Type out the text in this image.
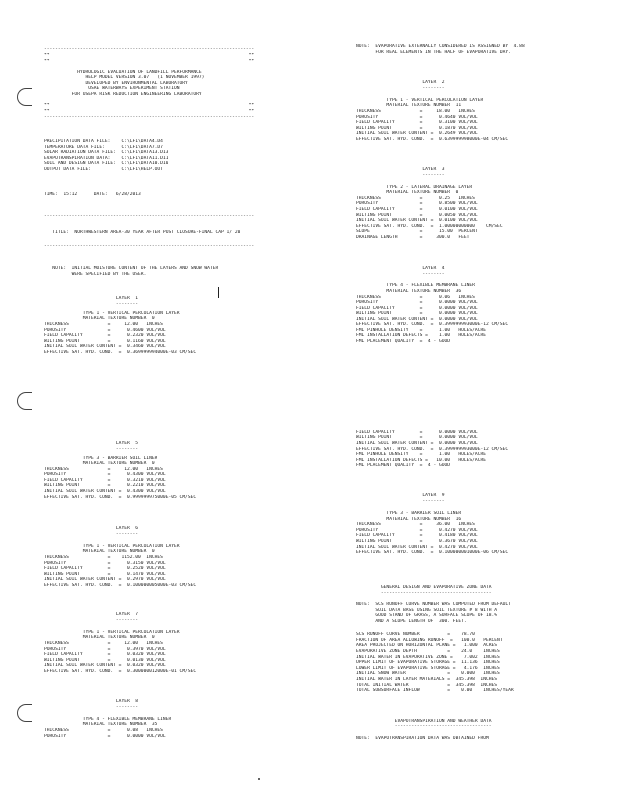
----------------------------------------------------------------------------
**                                                                        **
**                                                                        **
HYDROLOGIC EVALUATION OF LANDFILL PERFORMANCE
HELP MODEL VERSION 3.07   (1 NOVEMBER 1997)
DEVELOPED BY ENVIRONMENTAL LABORATORY
USAE WATERWAYS EXPERIMENT STATION
FOR USEPA RISK REDUCTION ENGINEERING LABORATORY
**                                                                        **
**                                                                        **
----------------------------------------------------------------------------
PRECIPITATION DATA FILE:    C:\LF1\DATA4.D4
TEMPERATURE DATA FILE:      C:\LF1\DATA7.D7
SOLAR RADIATION DATA FILE:  C:\LF1\DATA13.D13
EVAPOTRANSPIRATION DATA:    C:\LF1\DATA11.D11
SOIL AND DESIGN DATA FILE:  C:\LF1\DATA10.D10
OUTPUT DATA FILE:           C:\LF1\HELP.OUT
TIME:  15:12      DATE:   6/28/2013
----------------------------------------------------------------------------
TITLE:  NORTHWESTERN AREA-30 YEAR AFTER POST CLOSURE-FINAL CAP 1/ 20
----------------------------------------------------------------------------
NOTE:  INITIAL MOISTURE CONTENT OF THE LAYERS AND SNOW WATER
WERE SPECIFIED BY THE USER.
LAYER  1
--------
TYPE 1 - VERTICAL PERCOLATION LAYER
MATERIAL TEXTURE NUMBER  0
THICKNESS              =     12.00   INCHES
POROSITY               =      0.4600 VOL/VOL
FIELD CAPACITY         =      0.2320 VOL/VOL
WILTING POINT          =      0.1160 VOL/VOL
INITIAL SOIL WATER CONTENT =  0.3460 VOL/VOL
EFFECTIVE SAT. HYD. COND.  =  0.369999994000E-03 CM/SEC
LAYER  5
--------
TYPE 3 - BARRIER SOIL LINER
MATERIAL TEXTURE NUMBER  0
THICKNESS              =     12.00   INCHES
POROSITY               =      0.4300 VOL/VOL
FIELD CAPACITY         =      0.3210 VOL/VOL
WILTING POINT          =      0.2210 VOL/VOL
INITIAL SOIL WATER CONTENT =  0.4300 VOL/VOL
EFFECTIVE SAT. HYD. COND.  =  0.999999975000E-05 CM/SEC
LAYER  6
--------
TYPE 1 - VERTICAL PERCOLATION LAYER
MATERIAL TEXTURE NUMBER  0
THICKNESS              =    1152.00  INCHES
POROSITY               =      0.3150 VOL/VOL
FIELD CAPACITY         =      0.2520 VOL/VOL
WILTING POINT          =      0.1470 VOL/VOL
INITIAL SOIL WATER CONTENT =  0.2970 VOL/VOL
EFFECTIVE SAT. HYD. COND.  =  0.100000005000E-03 CM/SEC
LAYER  7
--------
TYPE 1 - VERTICAL PERCOLATION LAYER
MATERIAL TEXTURE NUMBER  0
THICKNESS              =     12.00   INCHES
POROSITY               =      0.3970 VOL/VOL
FIELD CAPACITY         =      0.0320 VOL/VOL
WILTING POINT          =      0.0130 VOL/VOL
INITIAL SOIL WATER CONTENT =  0.0320 VOL/VOL
EFFECTIVE SAT. HYD. COND.  =  0.300000012000E-01 CM/SEC
LAYER  8
--------
TYPE 4 - FLEXIBLE MEMBRANE LINER
MATERIAL TEXTURE NUMBER  35
THICKNESS              =      0.08   INCHES
POROSITY               =      0.0000 VOL/VOL
NOTE:  EVAPORATIVE EXTERNALLY CONSIDERED IS ASSIGNED BY  4.88
FOR REAL ELEMENTS IN THE HALF OF EVAPORATIVE DAY.
LAYER  2
--------
TYPE 1 - VERTICAL PERCOLATION LAYER
MATERIAL TEXTURE NUMBER  11
THICKNESS              =     18.00   INCHES
POROSITY               =      0.4640 VOL/VOL
FIELD CAPACITY         =      0.3100 VOL/VOL
WILTING POINT          =      0.1870 VOL/VOL
INITIAL SOIL WATER CONTENT =  0.2649 VOL/VOL
EFFECTIVE SAT. HYD. COND.  =  0.639999998000E-04 CM/SEC
LAYER  3
--------
TYPE 2 - LATERAL DRAINAGE LAYER
MATERIAL TEXTURE NUMBER  0
THICKNESS              =      0.25   INCHES
POROSITY               =      0.8500 VOL/VOL
FIELD CAPACITY         =      0.0100 VOL/VOL
WILTING POINT          =      0.0050 VOL/VOL
INITIAL SOIL WATER CONTENT =  0.0100 VOL/VOL
EFFECTIVE SAT. HYD. COND.  =  1.00000000000    CM/SEC
SLOPE                  =      15.00  PERCENT
DRAINAGE LENGTH        =     300.0   FEET
LAYER  4
--------
TYPE 4 - FLEXIBLE MEMBRANE LINER
MATERIAL TEXTURE NUMBER  36
THICKNESS              =      0.06   INCHES
POROSITY               =      0.0000 VOL/VOL
FIELD CAPACITY         =      0.0000 VOL/VOL
WILTING POINT          =      0.0000 VOL/VOL
INITIAL SOIL WATER CONTENT =  0.0000 VOL/VOL
EFFECTIVE SAT. HYD. COND.  =  0.399999993000E-12 CM/SEC
FML PINHOLE DENSITY    =      1.00   HOLES/ACRE
FML INSTALLATION DEFECTS =    1.00   HOLES/ACRE
FML PLACEMENT QUALITY  =  4 - GOOD
FIELD CAPACITY         =      0.0000 VOL/VOL
WILTING POINT          =      0.0000 VOL/VOL
INITIAL SOIL WATER CONTENT =  0.0000 VOL/VOL
EFFECTIVE SAT. HYD. COND.  =  0.399999993000E-12 CM/SEC
FML PINHOLE DENSITY    =      1.00   HOLES/ACRE
FML INSTALLATION DEFECTS =   10.00   HOLES/ACRE
FML PLACEMENT QUALITY  =  4 - GOOD
LAYER  9
--------
TYPE 3 - BARRIER SOIL LINER
MATERIAL TEXTURE NUMBER  16
THICKNESS              =     36.00   INCHES
POROSITY               =      0.4270 VOL/VOL
FIELD CAPACITY         =      0.4180 VOL/VOL
WILTING POINT          =      0.3670 VOL/VOL
INITIAL SOIL WATER CONTENT =  0.4270 VOL/VOL
EFFECTIVE SAT. HYD. COND.  =  0.100000001000E-06 CM/SEC
GENERAL DESIGN AND EVAPORATIVE ZONE DATA
----------------------------------------
NOTE:  SCS RUNOFF CURVE NUMBER WAS COMPUTED FROM DEFAULT
SOIL DATA BASE USING SOIL TEXTURE # 8 WITH A
GOOD STAND OF GRASS, A SURFACE SLOPE OF 18.%
AND A SLOPE LENGTH OF  300. FEET.
SCS RUNOFF CURVE NUMBER          =    78.70
FRACTION OF AREA ALLOWING RUNOFF  =   100.0   PERCENT
AREA PROJECTED ON HORIZONTAL PLANE =   1.000  ACRES
EVAPORATIVE ZONE DEPTH           =    24.0    INCHES
INITIAL WATER IN EVAPORATIVE ZONE =    7.002  INCHES
UPPER LIMIT OF EVAPORATIVE STORAGE =  11.136  INCHES
LOWER LIMIT OF EVAPORATIVE STORAGE =   4.176  INCHES
INITIAL SNOW WATER               =    0.000   INCHES
INITIAL WATER IN LAYER MATERIALS =  345.398  INCHES
TOTAL INITIAL WATER              =  345.398  INCHES
TOTAL SUBSURFACE INFLOW          =    0.00    INCHES/YEAR
EVAPOTRANSPIRATION AND WEATHER DATA
-----------------------------------
NOTE:  EVAPOTRANSPIRATION DATA WAS OBTAINED FROM
